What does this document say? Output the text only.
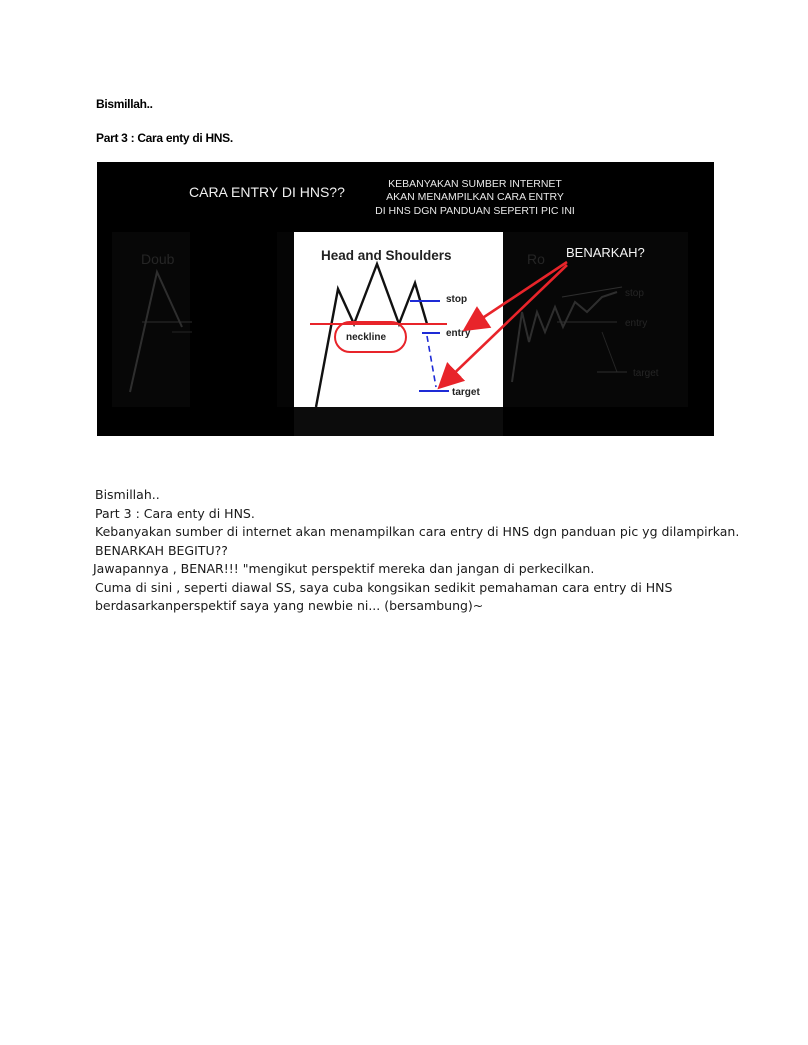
Bismillah..
Part 3 : Cara enty di HNS.
Doub	Ro
stop
entry
target
CARA ENTRY DI HNS??	KEBANYAKAN SUMBER INTERNET
AKAN MENAMPILKAN CARA ENTRY
DI HNS DGN PANDUAN SEPERTI PIC INI
Head and Shoulders
neckline
stop
entry
target
BENARKAH?

Bismillah..

Part 3 : Cara enty di HNS.

Kebanyakan sumber di internet akan menampilkan cara entry di HNS dgn panduan pic yg dilampirkan.

BENARKAH BEGITU??

Jawapannya , BENAR!!! "mengikut perspektif mereka dan jangan di perkecilkan.

Cuma di sini , seperti diawal SS, saya cuba kongsikan sedikit pemahaman cara entry di HNS

berdasarkanperspektif saya yang newbie ni... (bersambung)~
